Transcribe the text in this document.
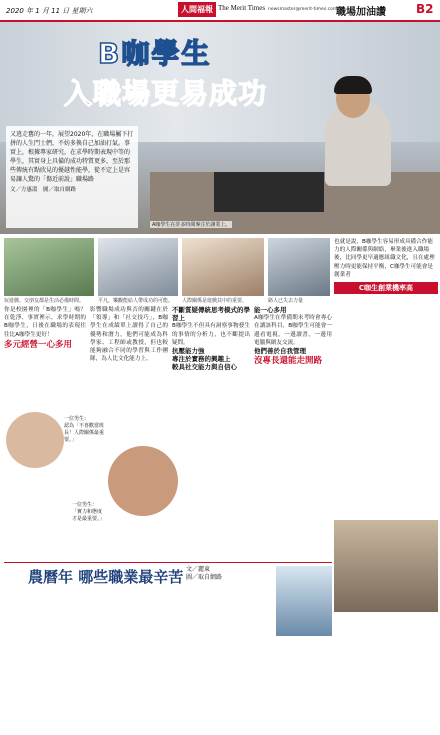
2020 年 1 月 11 日 星期六	人間福報 The Merit Times newsmaster@merit-times.com.tw
職場加油讚	B2
B咖學生
入職場更易成功
又逃走舊的一年，展望2020年，在職場屬下打拼的人生門士們，不妨多換自己加油打氣。事實上，根據專家研究，在求學時期表現中等的學生，其實身上具備的成功特質更多，至於那些傳統有點欣見的優越性能學，從不定上是容易讓人驚的「傷近前說」職場路
文／方惠溫　圖／取自網路
A咖學生在許多時間專注於讓業上。
玩遊戲、交朋友都是生活必備時間。	平凡，樂觀能給人帶成功的可能。	人際關係是遊戲其中的重要。	路人已失去力量
也就是說，B咖學生容易形成具備合作能力的人際關係與網絡，畢業後進入職場後，比同學更早適應組織文化，且在處理壓力時更能保持平衡，C咖學生可能會是創業者
C咖生創業機率高
你是校園裡的「B咖學生」嗎？在乾淨、事實裡示，求學時期的B咖學生，日後在職場的表現往往比A咖學生更好！
多元經營一心多用
影響職場成功與否的關鍵在於「領導」和「社交技巧」，B咖學生在成績單上讀得了自己的優勢和潛力，他們可能成為科學家、工程師或教授，但也較能夠融合不同的學習與工作團隊，為人比文化能力上。
不斷質疑傳統思考模式的學習上
B咖學生不但具有洞察事物發生的事情的分析力，也不斷提出疑問。
抗壓能力強
專注於實務的興趣上
較具社交能力與自信心
能一心多用
A咖學生在準備期末考時會專心在讀該科目，B咖學生可能會一邊看電視，一邊讀書，一邊用電腦與網友交流。
他們善於自我管理
沒專長還能走開路
一位男生：
認為「不喜歡當班長！人際關係最重要。」
一位男生：
「實力和態度才是最重要。」
農曆年 哪些職業最辛苦 文／麗東
圖／取自網路
